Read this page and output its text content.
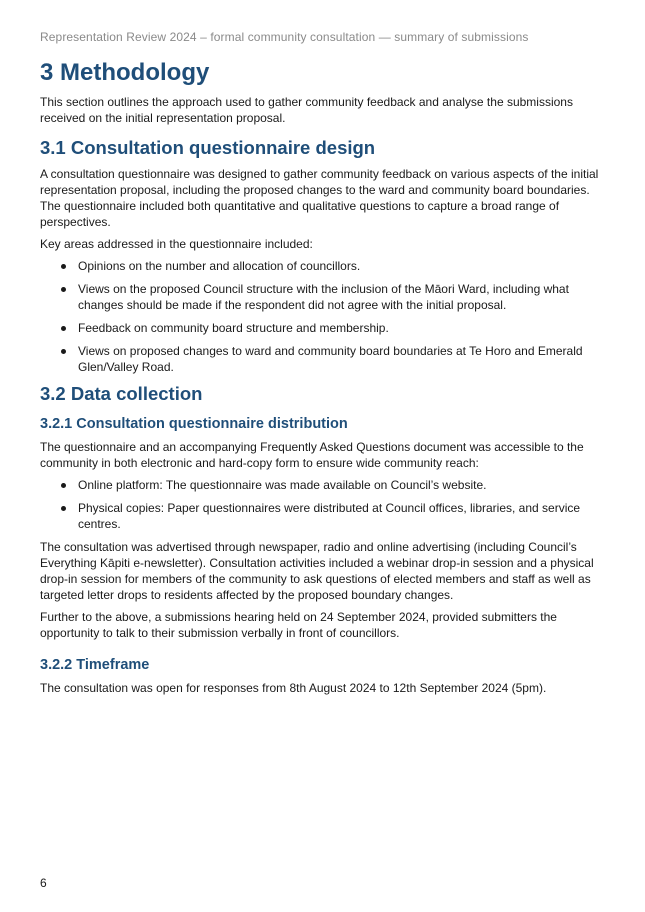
Representation Review 2024 – formal community consultation — summary of submissions
3 Methodology

This section outlines the approach used to gather community feedback and analyse the submissions received on the initial representation proposal.

3.1 Consultation questionnaire design

A consultation questionnaire was designed to gather community feedback on various aspects of the initial representation proposal, including the proposed changes to the ward and community board boundaries. The questionnaire included both quantitative and qualitative questions to capture a broad range of perspectives.

Key areas addressed in the questionnaire included:

Opinions on the number and allocation of councillors.
Views on the proposed Council structure with the inclusion of the Māori Ward, including what changes should be made if the respondent did not agree with the initial proposal.
Feedback on community board structure and membership.
Views on proposed changes to ward and community board boundaries at Te Horo and Emerald Glen/Valley Road.
3.2 Data collection
3.2.1 Consultation questionnaire distribution

The questionnaire and an accompanying Frequently Asked Questions document was accessible to the community in both electronic and hard-copy form to ensure wide community reach:

Online platform: The questionnaire was made available on Council’s website.
Physical copies: Paper questionnaires were distributed at Council offices, libraries, and service centres.

The consultation was advertised through newspaper, radio and online advertising (including Council’s Everything Kāpiti e-newsletter). Consultation activities included a webinar drop-in session and a physical drop-in session for members of the community to ask questions of elected members and staff as well as targeted letter drops to residents affected by the proposed boundary changes.

Further to the above, a submissions hearing held on 24 September 2024, provided submitters the opportunity to talk to their submission verbally in front of councillors.

3.2.2 Timeframe

The consultation was open for responses from 8th August 2024 to 12th September 2024 (5pm).

6
